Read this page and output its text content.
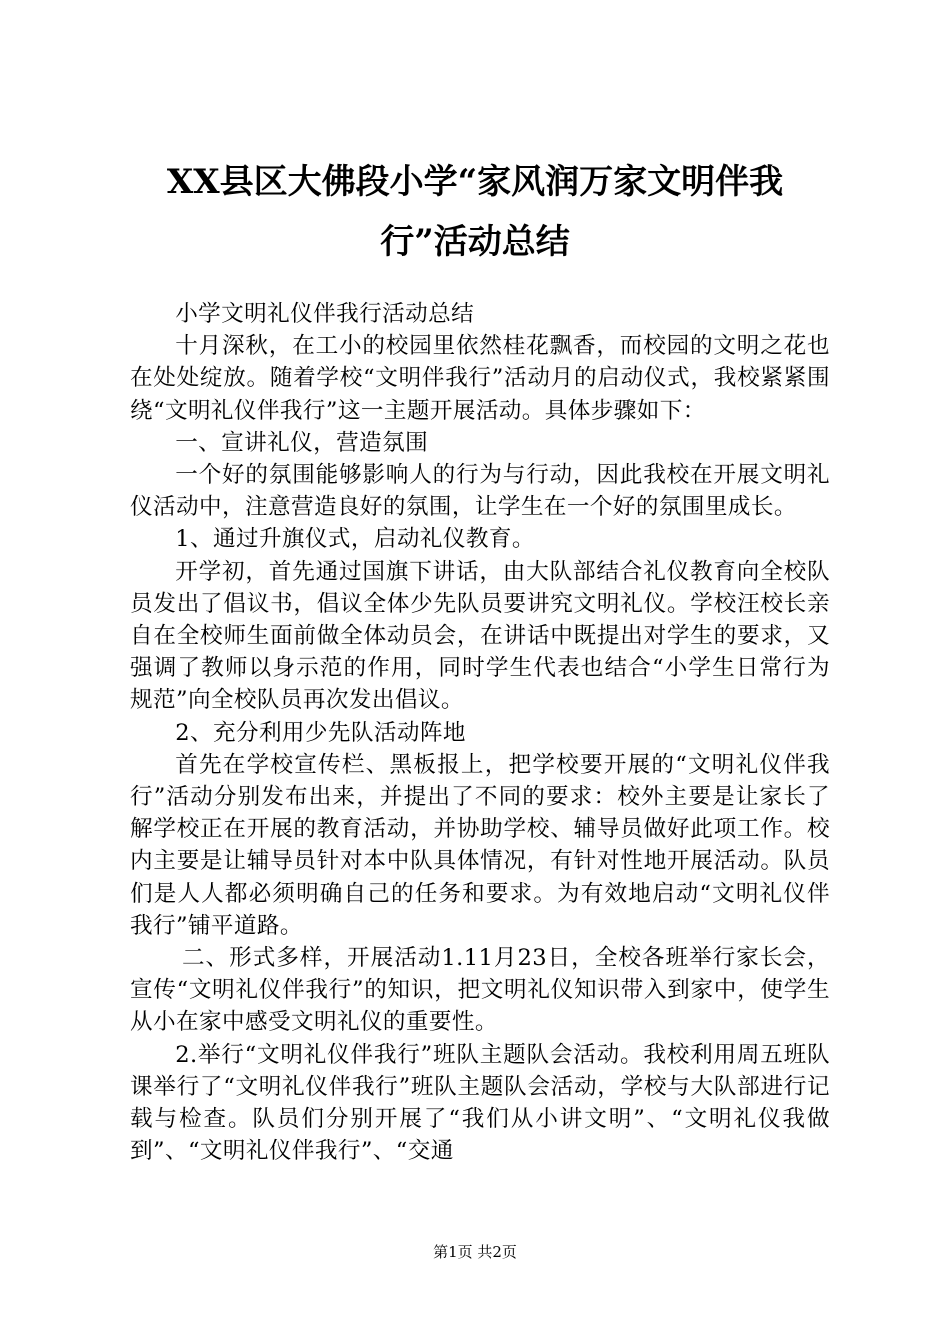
XX县区大佛段小学“家风润万家文明伴我
行”活动总结

小学文明礼仪伴我行活动总结

十月深秋，在工小的校园里依然桂花飘香，而校园的文明之花也在处处绽放。随着学校“文明伴我行”活动月的启动仪式，我校紧紧围绕“文明礼仪伴我行”这一主题开展活动。具体步骤如下：

一、宣讲礼仪，营造氛围

一个好的氛围能够影响人的行为与行动，因此我校在开展文明礼仪活动中，注意营造良好的氛围，让学生在一个好的氛围里成长。

1、通过升旗仪式，启动礼仪教育。

开学初，首先通过国旗下讲话，由大队部结合礼仪教育向全校队员发出了倡议书，倡议全体少先队员要讲究文明礼仪。学校汪校长亲自在全校师生面前做全体动员会，在讲话中既提出对学生的要求，又强调了教师以身示范的作用，同时学生代表也结合“小学生日常行为规范”向全校队员再次发出倡议。

2、充分利用少先队活动阵地

首先在学校宣传栏、黑板报上，把学校要开展的“文明礼仪伴我行”活动分别发布出来，并提出了不同的要求：校外主要是让家长了解学校正在开展的教育活动，并协助学校、辅导员做好此项工作。校内主要是让辅导员针对本中队具体情况，有针对性地开展活动。队员们是人人都必须明确自己的任务和要求。为有效地启动“文明礼仪伴我行”铺平道路。

二、形式多样，开展活动1.11月23日，全校各班举行家长会，宣传“文明礼仪伴我行”的知识，把文明礼仪知识带入到家中，使学生从小在家中感受文明礼仪的重要性。

2.举行“文明礼仪伴我行”班队主题队会活动。我校利用周五班队课举行了“文明礼仪伴我行”班队主题队会活动，学校与大队部进行记载与检查。队员们分别开展了“我们从小讲文明”、“文明礼仪我做到”、“文明礼仪伴我行”、“交通

第1页 共2页
